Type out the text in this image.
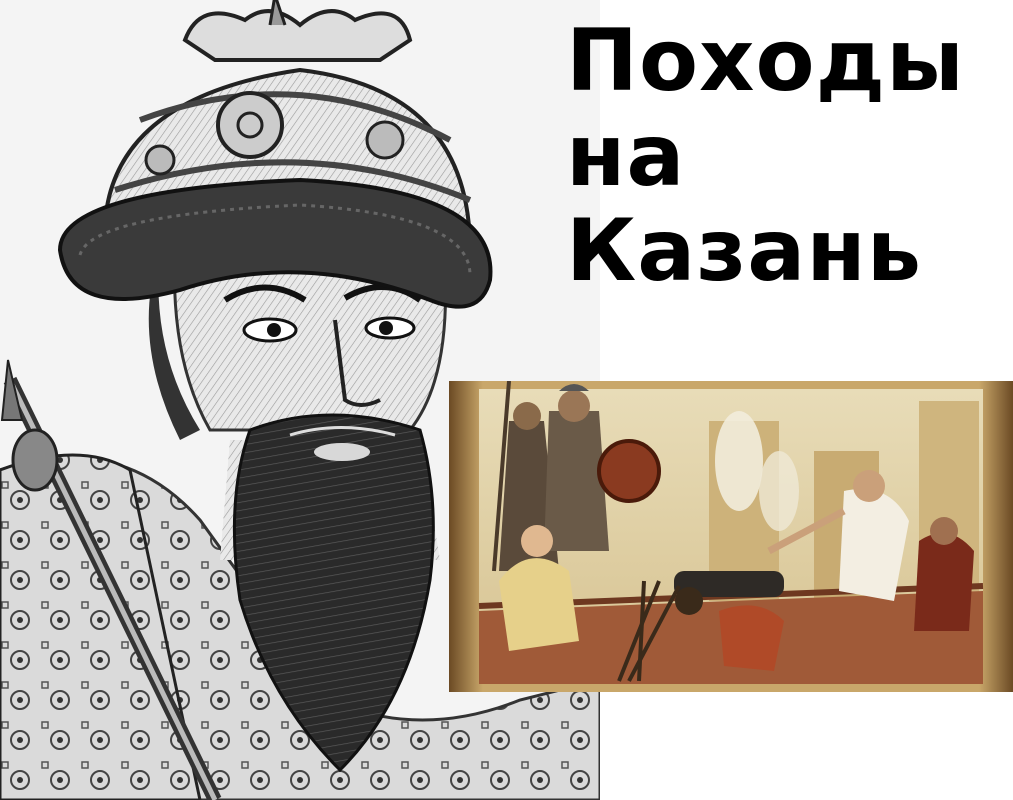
Походы
на
Казань
